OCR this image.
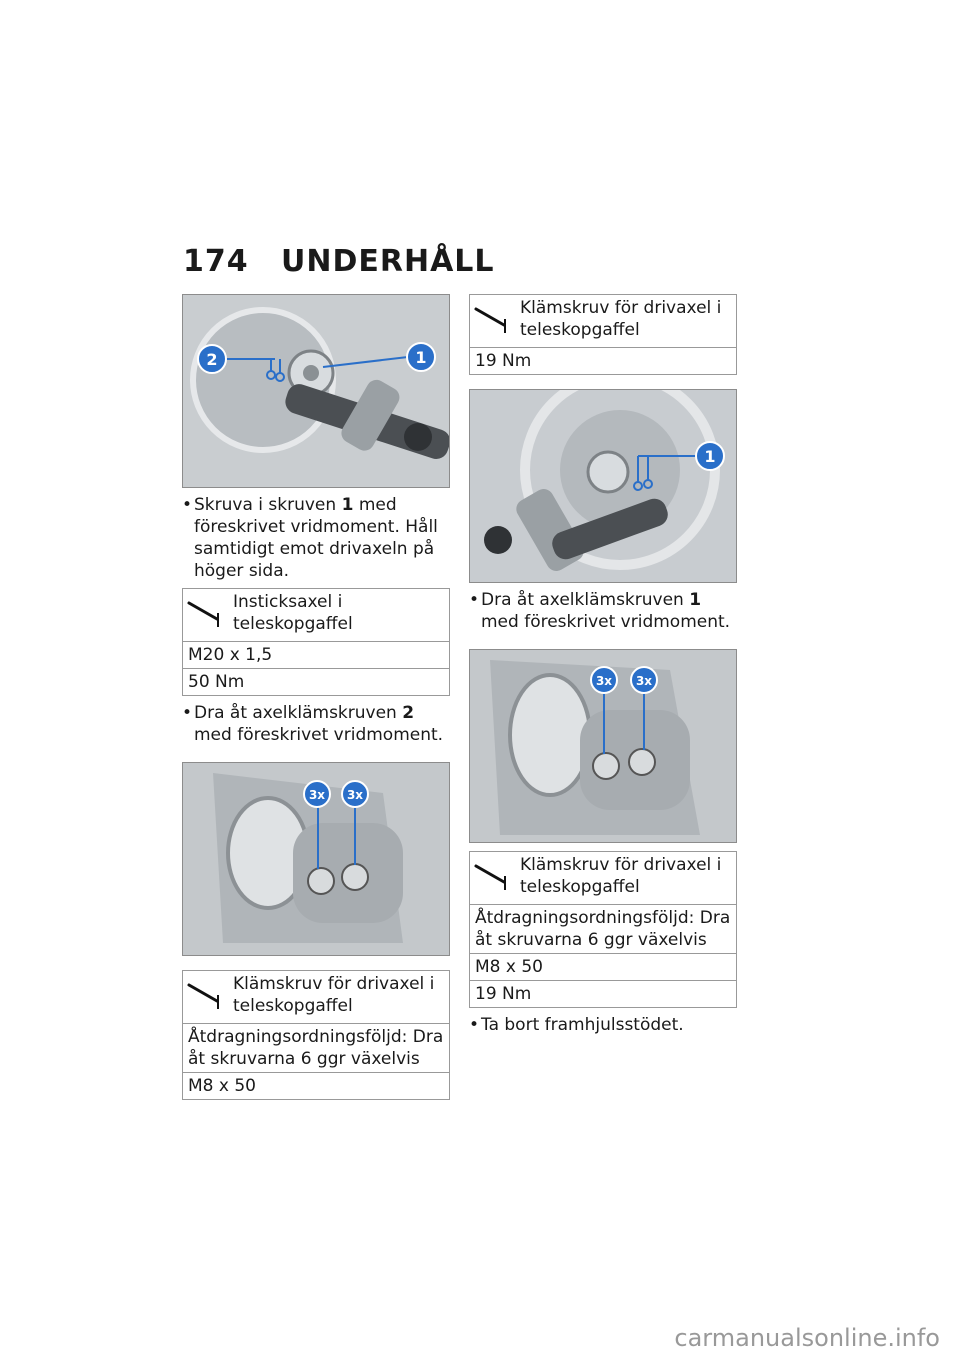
174 UNDERHÅLL
2	1
• Skruva i skruven 1 med föreskrivet vridmoment. Håll samtidigt emot drivaxeln på höger sida.
Insticksaxel i teleskopgaffel
M20 x 1,5
50 Nm
• Dra åt axelklämskruven 2 med föreskrivet vridmoment.
3x 3x
Klämskruv för drivaxel i teleskopgaffel
Åtdragningsordningsföljd: Dra åt skruvarna 6 ggr växelvis
M8 x 50
Klämskruv för drivaxel i teleskopgaffel
19 Nm
1
• Dra åt axelklämskruven 1 med föreskrivet vridmoment.
3x 3x
Klämskruv för drivaxel i teleskopgaffel
Åtdragningsordningsföljd: Dra åt skruvarna 6 ggr växelvis
M8 x 50
19 Nm
• Ta bort framhjulsstödet.
carmanualsonline.info
